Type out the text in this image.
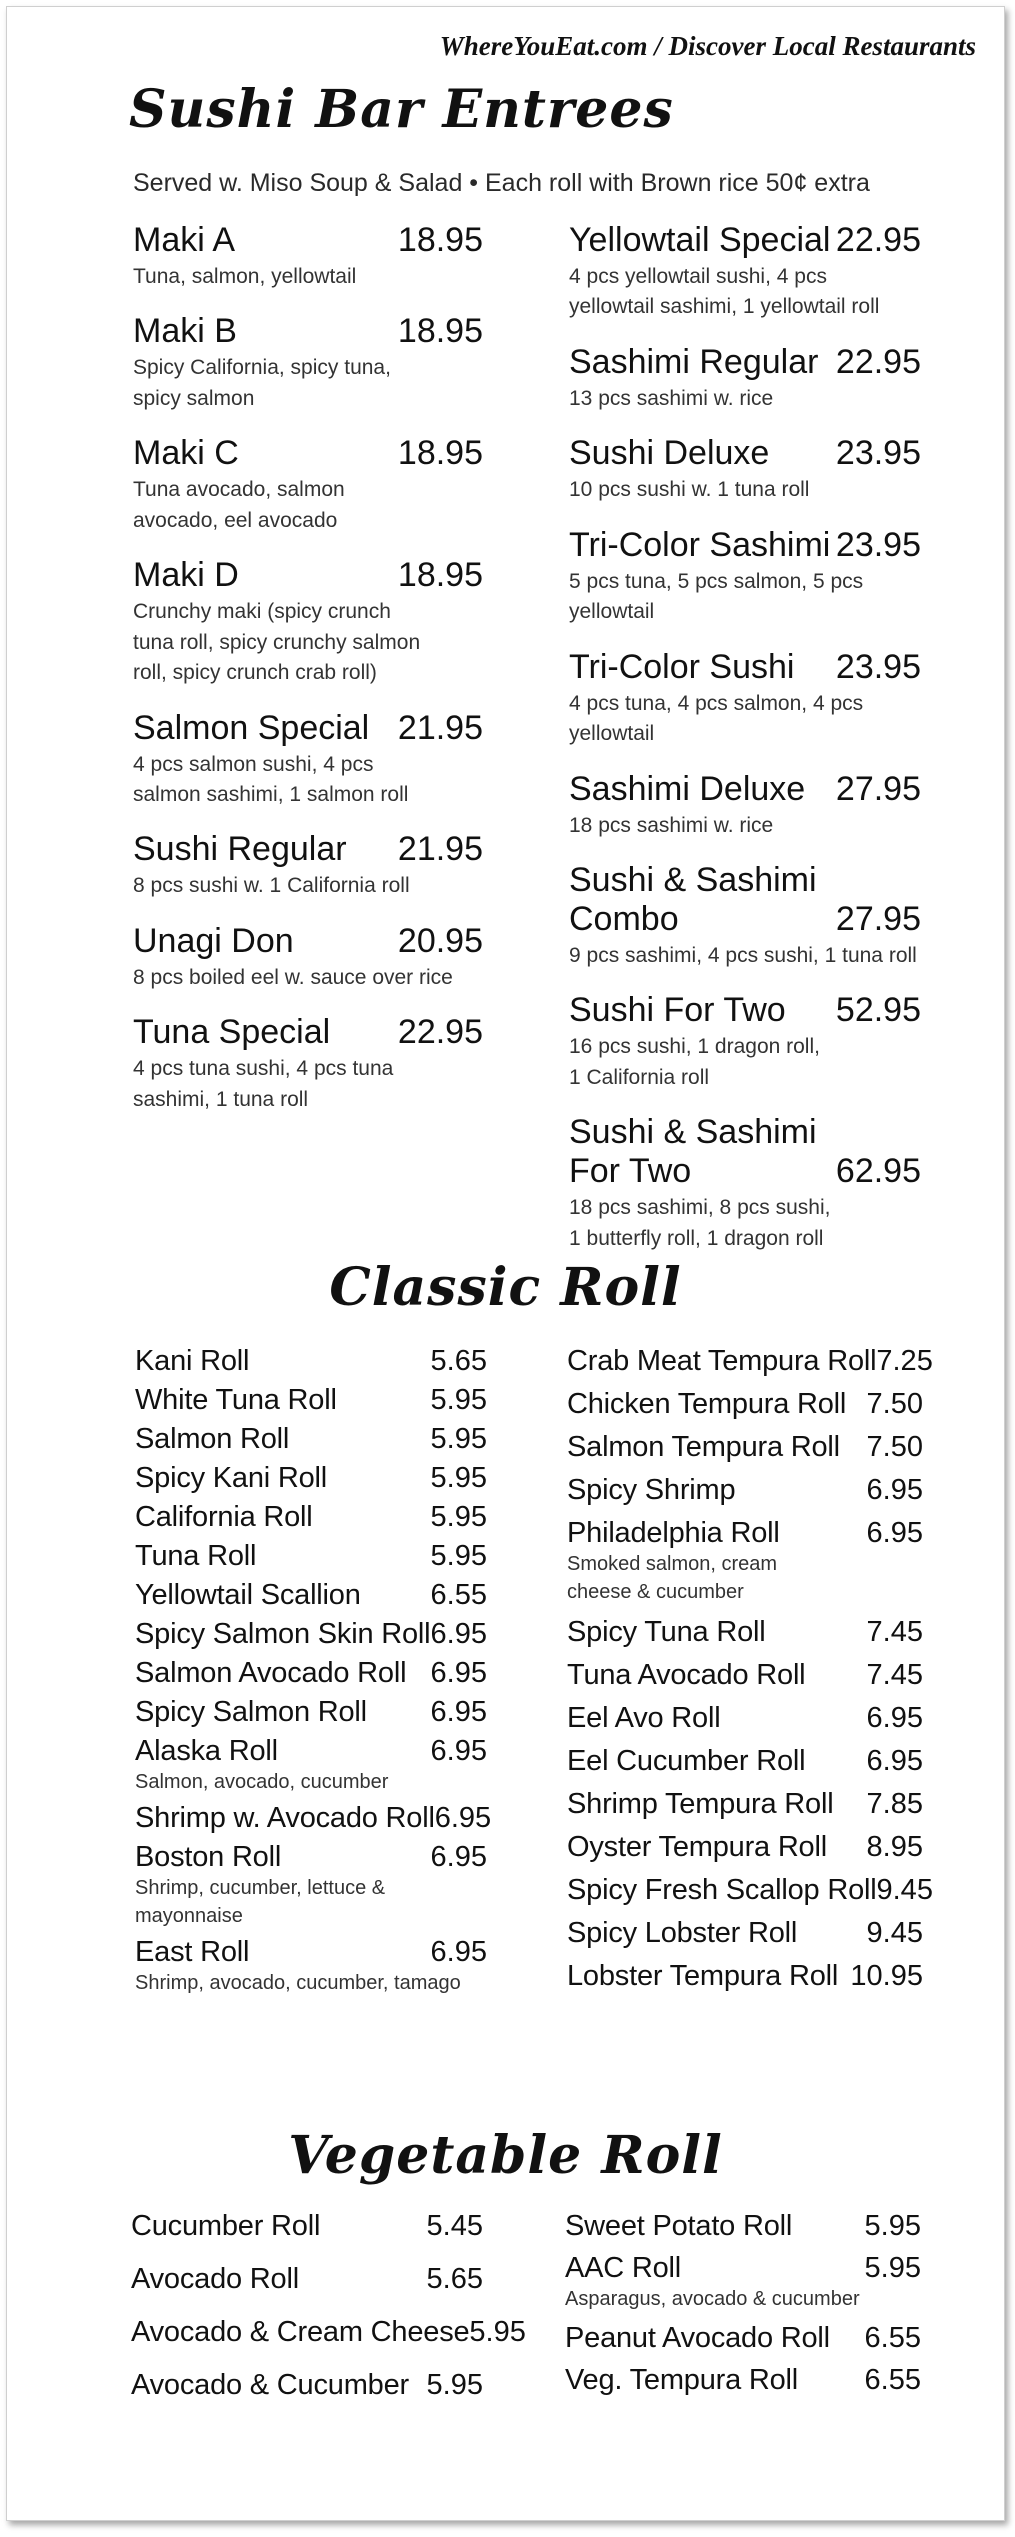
WhereYouEat.com / Discover Local Restaurants
Sushi Bar Entrees
Served w. Miso Soup & Salad • Each roll with Brown rice 50¢ extra
Maki A	18.95
Tuna, salmon, yellowtail
Maki B	18.95
Spicy California, spicy tuna,
spicy salmon
Maki C	18.95
Tuna avocado, salmon
avocado, eel avocado
Maki D	18.95
Crunchy maki (spicy crunch
tuna roll, spicy crunchy salmon
roll, spicy crunch crab roll)
Salmon Special 21.95
4 pcs salmon sushi, 4 pcs
salmon sashimi, 1 salmon roll
Sushi Regular 21.95
8 pcs sushi w. 1 California roll
Unagi Don	20.95
8 pcs boiled eel w. sauce over rice
Tuna Special 22.95
4 pcs tuna sushi, 4 pcs tuna
sashimi, 1 tuna roll
Yellowtail Special 22.95
4 pcs yellowtail sushi, 4 pcs
yellowtail sashimi, 1 yellowtail roll
Sashimi Regular 22.95
13 pcs sashimi w. rice
Sushi Deluxe 23.95
10 pcs sushi w. 1 tuna roll
Tri-Color Sashimi 23.95
5 pcs tuna, 5 pcs salmon, 5 pcs yellowtail
Tri-Color Sushi 23.95
4 pcs tuna, 4 pcs salmon, 4 pcs yellowtail
Sashimi Deluxe 27.95
18 pcs sashimi w. rice
Sushi & Sashimi
Combo	27.95
9 pcs sashimi, 4 pcs sushi, 1 tuna roll
Sushi For Two 52.95
16 pcs sushi, 1 dragon roll,
1 California roll
Sushi & Sashimi
For Two	62.95
18 pcs sashimi, 8 pcs sushi,
1 butterfly roll, 1 dragon roll
Classic Roll
Kani Roll	5.65
White Tuna Roll	5.95
Salmon Roll	5.95
Spicy Kani Roll	5.95
California Roll	5.95
Tuna Roll	5.95
Yellowtail Scallion 6.55
Spicy Salmon Skin Roll 6.95
Salmon Avocado Roll 6.95
Spicy Salmon Roll 6.95
Alaska Roll	6.95
Salmon, avocado, cucumber
Shrimp w. Avocado Roll 6.95
Boston Roll	6.95
Shrimp, cucumber, lettuce &
mayonnaise
East Roll	6.95
Shrimp, avocado, cucumber, tamago
Crab Meat Tempura Roll 7.25
Chicken Tempura Roll 7.50
Salmon Tempura Roll 7.50
Spicy Shrimp	6.95
Philadelphia Roll	6.95
Smoked salmon, cream
cheese & cucumber
Spicy Tuna Roll	7.45
Tuna Avocado Roll 7.45
Eel Avo Roll	6.95
Eel Cucumber Roll 6.95
Shrimp Tempura Roll 7.85
Oyster Tempura Roll 8.95
Spicy Fresh Scallop Roll 9.45
Spicy Lobster Roll 9.45
Lobster Tempura Roll 10.95
Vegetable Roll
Cucumber Roll	5.45
Avocado Roll	5.65
Avocado & Cream Cheese 5.95
Avocado & Cucumber 5.95
Sweet Potato Roll 5.95
AAC Roll	5.95
Asparagus, avocado & cucumber
Peanut Avocado Roll 6.55
Veg. Tempura Roll 6.55
